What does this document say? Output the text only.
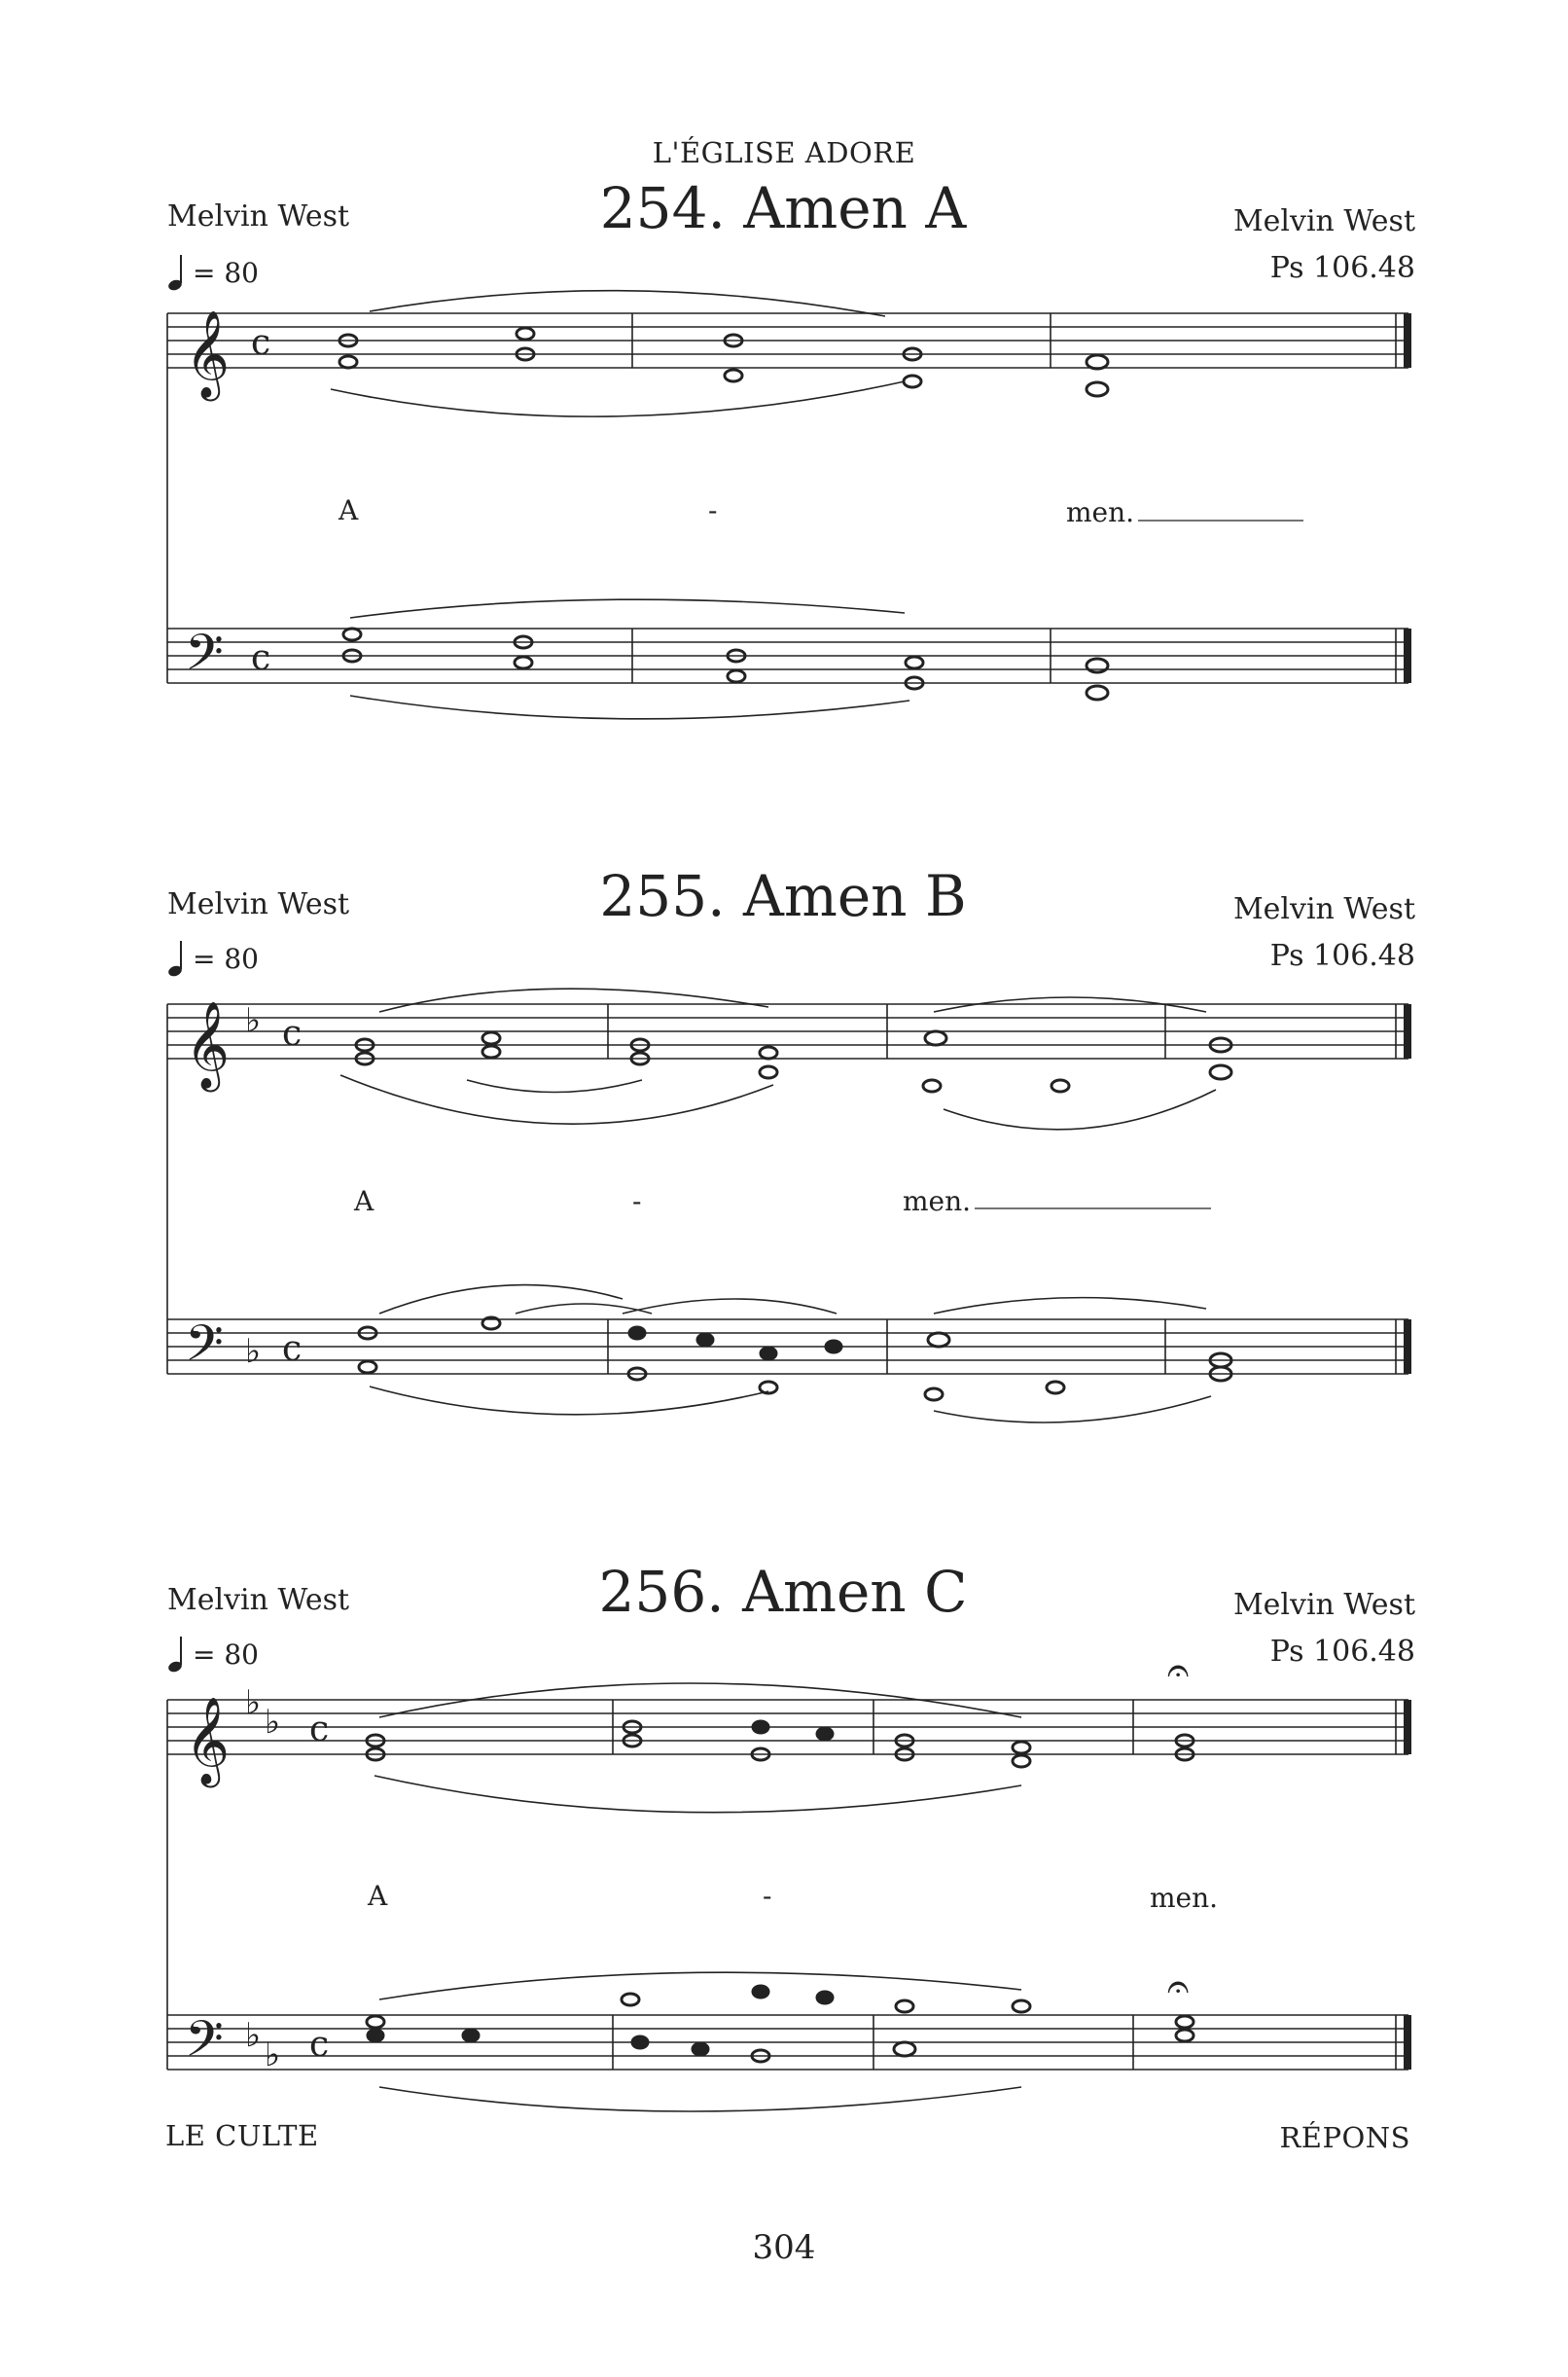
L'ÉGLISE ADORE
Melvin West	254. Amen A	Melvin West
Ps 106.48
= 80
A	-	men.
𝄞
𝄢
c
c
Melvin West	255. Amen B	Melvin West
Ps 106.48
= 80
A	-	men.
𝄞
𝄢
♭
♭
c
c
Melvin West	256. Amen C	Melvin West
Ps 106.48
= 80
A	-	men.
𝄞
𝄢
♭ ♭
♭ ♭
c
c
𝄐
𝄐
LE CULTE	RÉPONS
304
